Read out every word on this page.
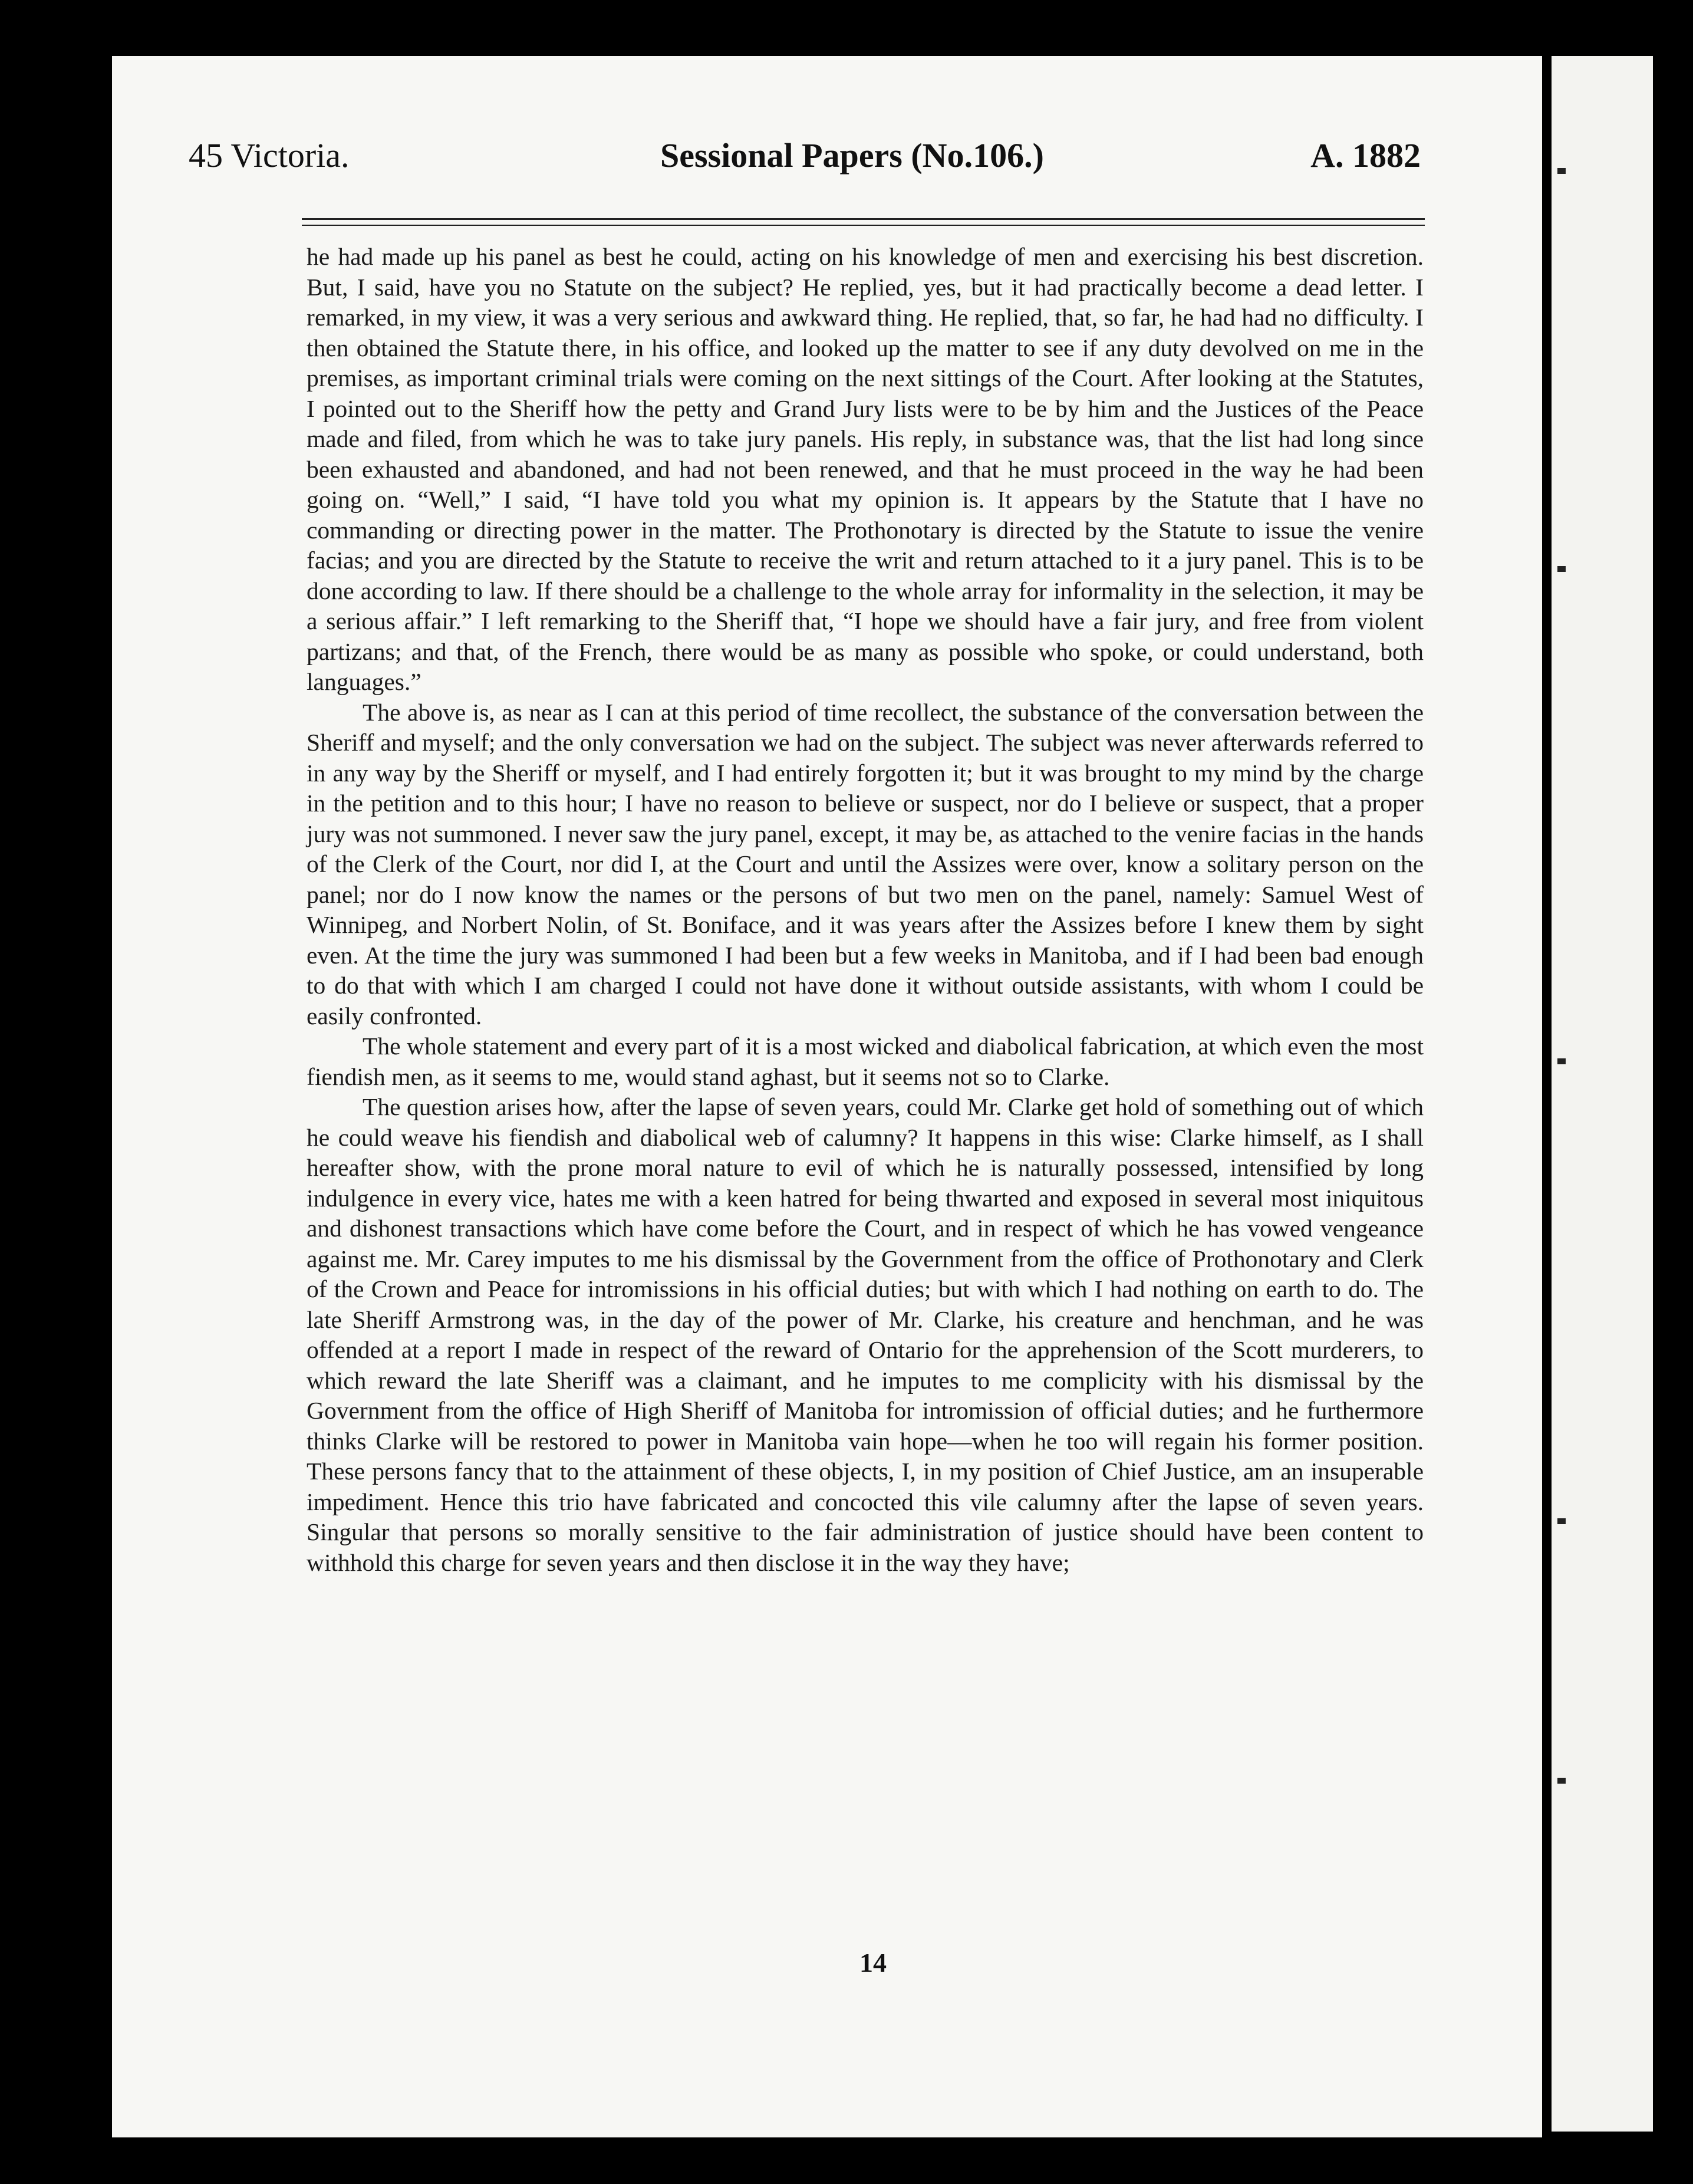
45 Victoria.	Sessional Papers (No.106.)	A. 1882

he had made up his panel as best he could, acting on his knowledge of men and exercising his best discretion. But, I said, have you no Statute on the subject? He replied, yes, but it had practically become a dead letter. I remarked, in my view, it was a very serious and awkward thing. He replied, that, so far, he had had no difficulty. I then obtained the Statute there, in his office, and looked up the matter to see if any duty devolved on me in the premises, as important criminal trials were coming on the next sittings of the Court. After looking at the Statutes, I pointed out to the Sheriff how the petty and Grand Jury lists were to be by him and the Justices of the Peace made and filed, from which he was to take jury panels. His reply, in substance was, that the list had long since been exhausted and abandoned, and had not been renewed, and that he must proceed in the way he had been going on. “Well,” I said, “I have told you what my opinion is. It appears by the Statute that I have no commanding or directing power in the matter. The Prothonotary is directed by the Statute to issue the venire facias; and you are directed by the Statute to receive the writ and return attached to it a jury panel. This is to be done according to law. If there should be a challenge to the whole array for informality in the selection, it may be a serious affair.” I left remarking to the Sheriff that, “I hope we should have a fair jury, and free from violent partizans; and that, of the French, there would be as many as possible who spoke, or could understand, both languages.”

The above is, as near as I can at this period of time recollect, the substance of the conversation between the Sheriff and myself; and the only conversation we had on the subject. The subject was never afterwards referred to in any way by the Sheriff or myself, and I had entirely forgotten it; but it was brought to my mind by the charge in the petition and to this hour; I have no reason to believe or suspect, nor do I believe or suspect, that a proper jury was not summoned. I never saw the jury panel, except, it may be, as attached to the venire facias in the hands of the Clerk of the Court, nor did I, at the Court and until the Assizes were over, know a solitary person on the panel; nor do I now know the names or the persons of but two men on the panel, namely: Samuel West of Winnipeg, and Norbert Nolin, of St. Boniface, and it was years after the Assizes before I knew them by sight even. At the time the jury was summoned I had been but a few weeks in Manitoba, and if I had been bad enough to do that with which I am charged I could not have done it without outside assistants, with whom I could be easily confronted.

The whole statement and every part of it is a most wicked and diabolical fabrication, at which even the most fiendish men, as it seems to me, would stand aghast, but it seems not so to Clarke.

The question arises how, after the lapse of seven years, could Mr. Clarke get hold of something out of which he could weave his fiendish and diabolical web of calumny? It happens in this wise: Clarke himself, as I shall hereafter show, with the prone moral nature to evil of which he is naturally possessed, intensified by long indulgence in every vice, hates me with a keen hatred for being thwarted and exposed in several most iniquitous and dishonest transactions which have come before the Court, and in respect of which he has vowed vengeance against me. Mr. Carey imputes to me his dismissal by the Government from the office of Prothonotary and Clerk of the Crown and Peace for intromissions in his official duties; but with which I had nothing on earth to do. The late Sheriff Armstrong was, in the day of the power of Mr. Clarke, his creature and henchman, and he was offended at a report I made in respect of the reward of Ontario for the apprehension of the Scott murderers, to which reward the late Sheriff was a claimant, and he imputes to me complicity with his dismissal by the Government from the office of High Sheriff of Manitoba for intromission of official duties; and he furthermore thinks Clarke will be restored to power in Manitoba vain hope—when he too will regain his former position. These persons fancy that to the attainment of these objects, I, in my position of Chief Justice, am an insuperable impediment. Hence this trio have fabricated and concocted this vile calumny after the lapse of seven years. Singular that persons so morally sensitive to the fair administration of justice should have been content to withhold this charge for seven years and then disclose it in the way they have;

14
